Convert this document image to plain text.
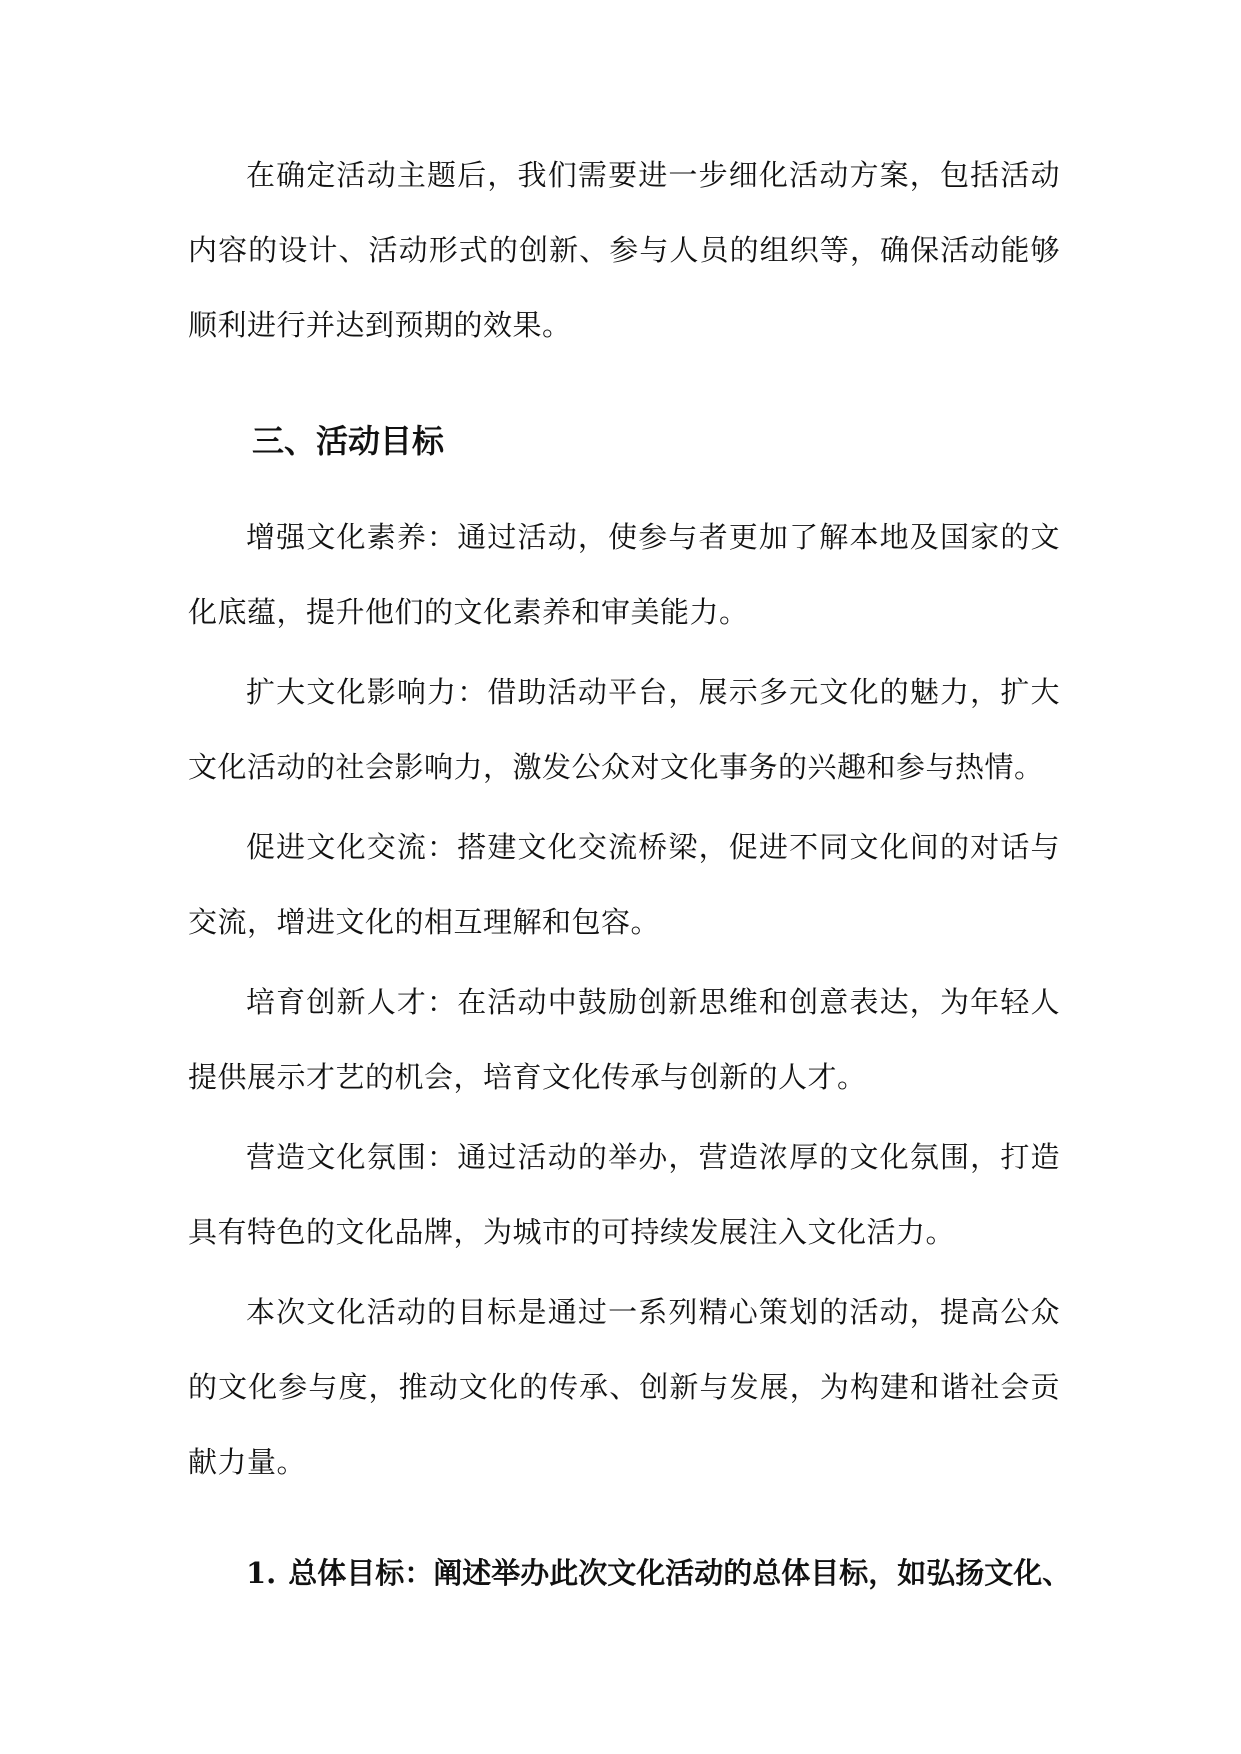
在确定活动主题后，我们需要进一步细化活动方案，包括活动内容的设计、活动形式的创新、参与人员的组织等，确保活动能够顺利进行并达到预期的效果。

三、活动目标

增强文化素养：通过活动，使参与者更加了解本地及国家的文化底蕴，提升他们的文化素养和审美能力。

扩大文化影响力：借助活动平台，展示多元文化的魅力，扩大文化活动的社会影响力，激发公众对文化事务的兴趣和参与热情。

促进文化交流：搭建文化交流桥梁，促进不同文化间的对话与交流，增进文化的相互理解和包容。

培育创新人才：在活动中鼓励创新思维和创意表达，为年轻人提供展示才艺的机会，培育文化传承与创新的人才。

营造文化氛围：通过活动的举办，营造浓厚的文化氛围，打造具有特色的文化品牌，为城市的可持续发展注入文化活力。

本次文化活动的目标是通过一系列精心策划的活动，提高公众的文化参与度，推动文化的传承、创新与发展，为构建和谐社会贡献力量。

1. 总体目标：阐述举办此次文化活动的总体目标，如弘扬文化、
